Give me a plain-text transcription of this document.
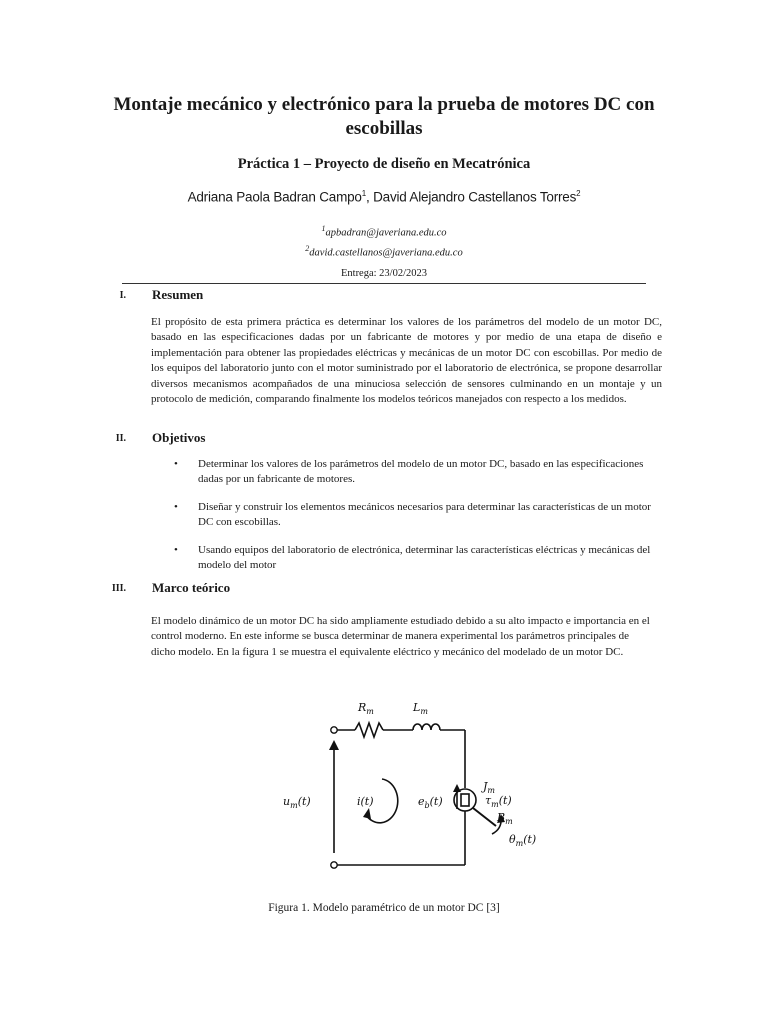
Montaje mecánico y electrónico para la prueba de motores DC con escobillas
Práctica 1 – Proyecto de diseño en Mecatrónica
Adriana Paola Badran Campo$^1$, David Alejandro Castellanos Torres$^2$
$^1$apbadran@javeriana.edu.co
$^2$david.castellanos@javeriana.edu.co
Entrega: 23/02/2023
I. Resumen
El propósito de esta primera práctica es determinar los valores de los parámetros del modelo de un motor DC, basado en las especificaciones dadas por un fabricante de motores y por medio de una etapa de diseño e implementación para obtener las propiedades eléctricas y mecánicas de un motor DC con escobillas. Por medio de los equipos del laboratorio junto con el motor suministrado por el laboratorio de electrónica, se propone desarrollar diversos mecanismos acompañados de una minuciosa selección de sensores culminando en un montaje y un protocolo de medición, comparando finalmente los modelos teóricos manejados con respecto a los medidos.
II. Objetivos
• Determinar los valores de los parámetros del modelo de un motor DC, basado en las especificaciones dadas por un fabricante de motores.
• Diseñar y construir los elementos mecánicos necesarios para determinar las características de un motor DC con escobillas.
• Usando equipos del laboratorio de electrónica, determinar las características eléctricas y mecánicas del modelo del motor
III. Marco teórico
El modelo dinámico de un motor DC ha sido ampliamente estudiado debido a su alto impacto e importancia en el control moderno. En este informe se busca determinar de manera experimental los parámetros principales de dicho modelo. En la figura 1 se muestra el equivalente eléctrico y mecánico del modelado de un motor DC.
$R_m$	$L_m$
$u_m(t)$	i(t)	$e_b(t)$
$J_m$
$\tau_m(t)$
$B_m$
$\theta_m(t)$
Figura 1. Modelo paramétrico de un motor DC [3]
